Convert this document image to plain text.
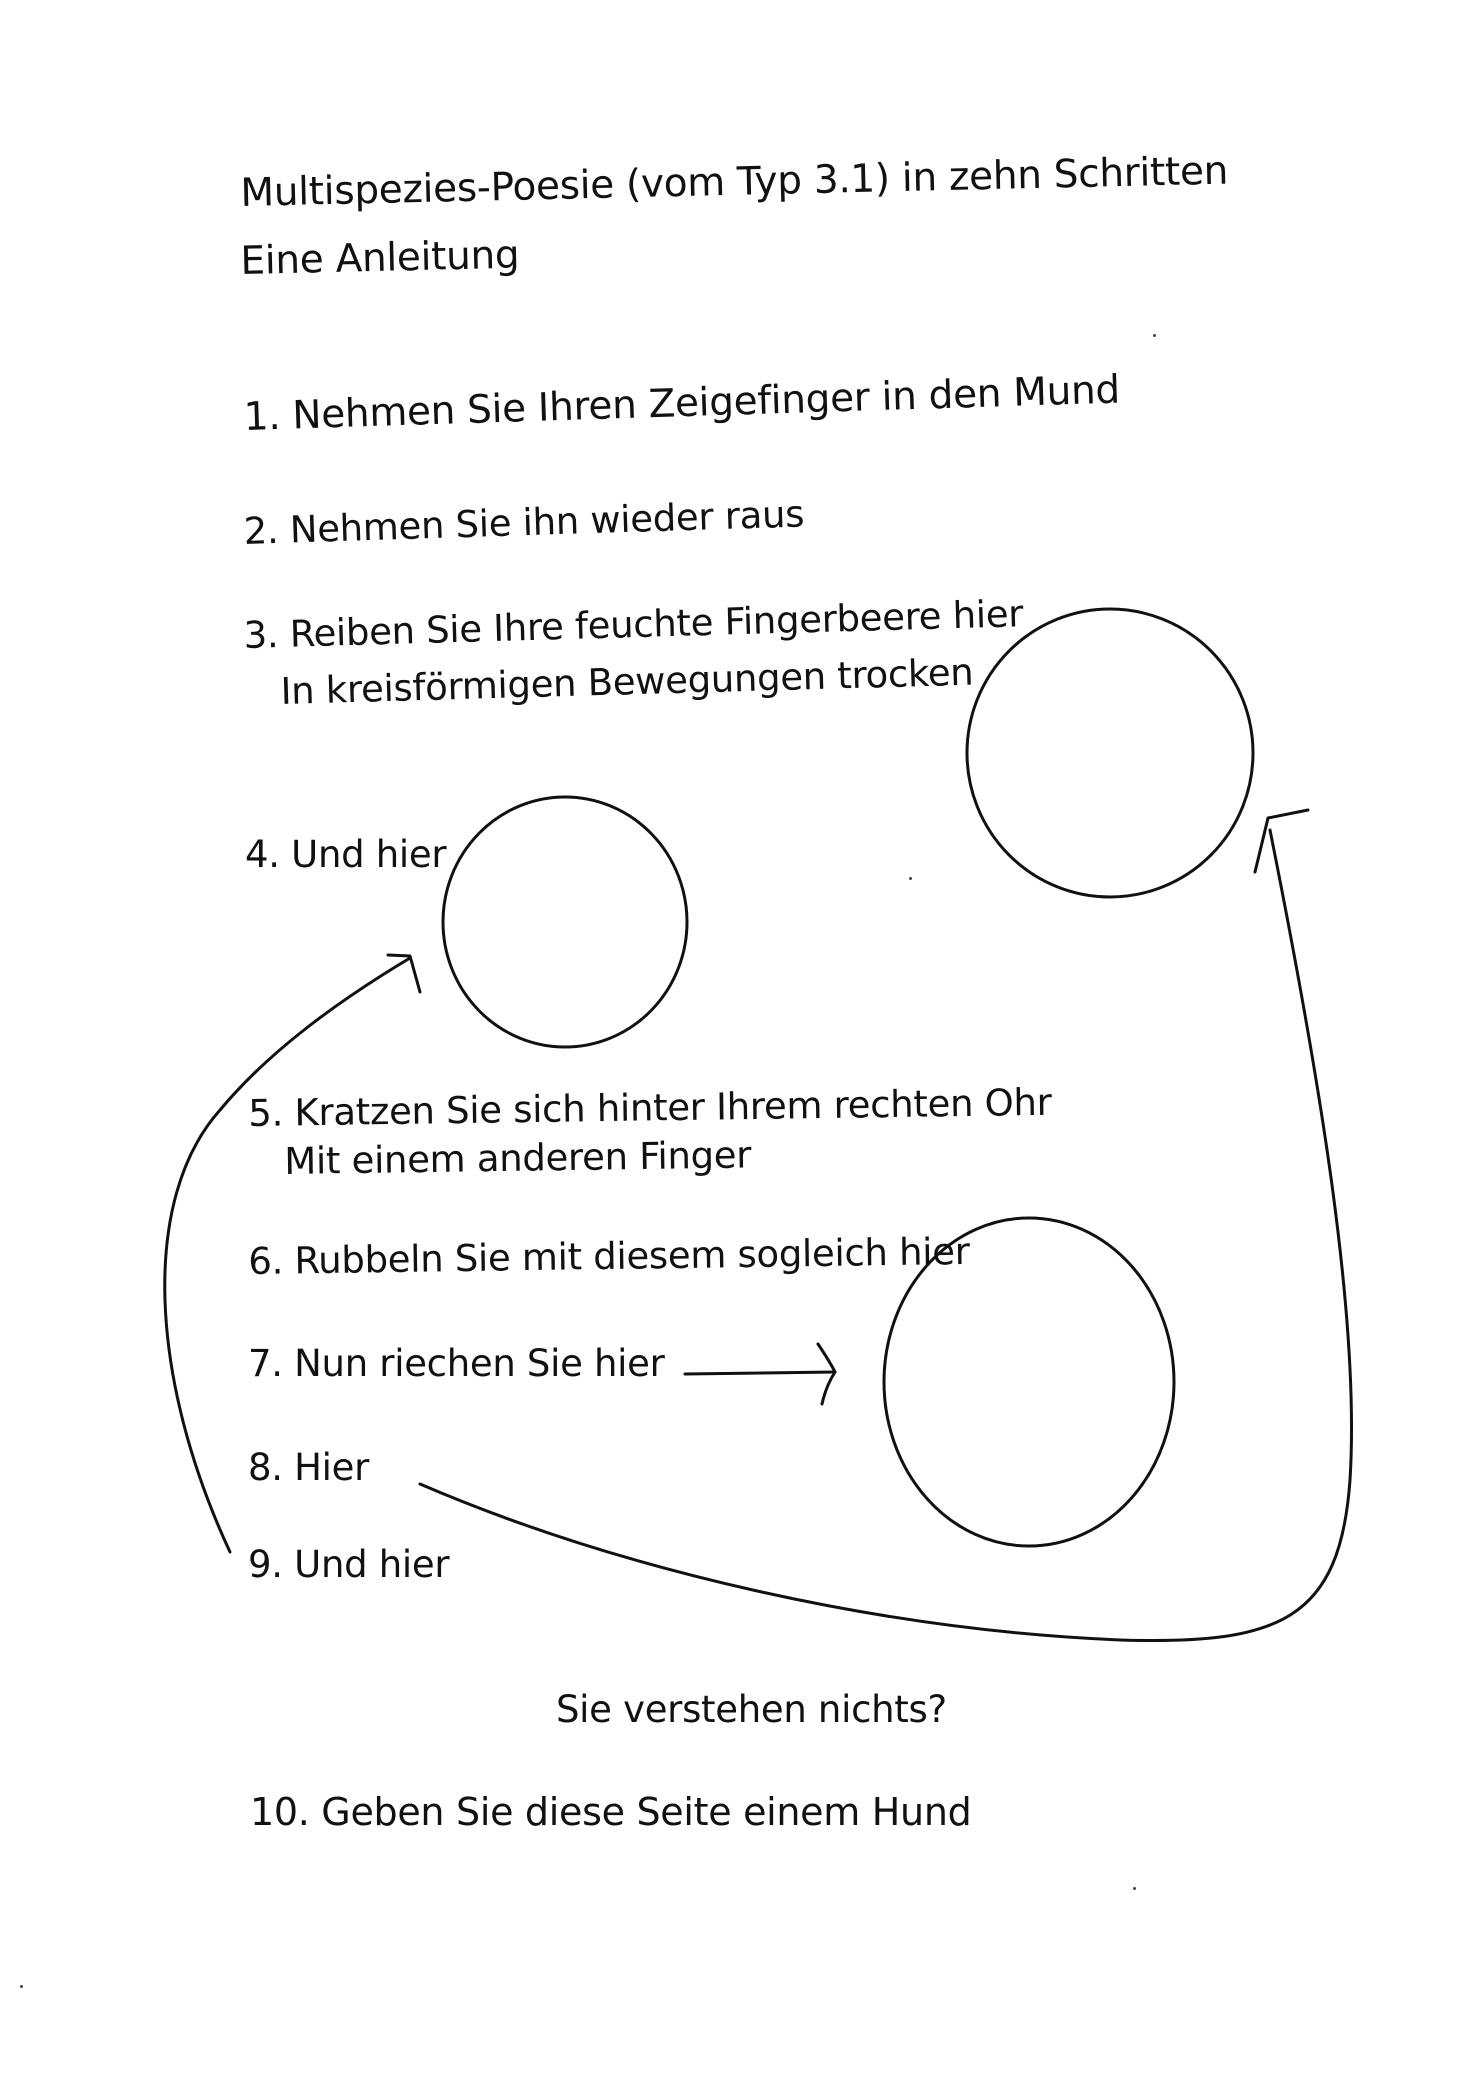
Multispezies-Poesie (vom Typ 3.1) in zehn Schritten
Eine Anleitung
1. Nehmen Sie Ihren Zeigefinger in den Mund
2. Nehmen Sie ihn wieder raus
3. Reiben Sie Ihre feuchte Fingerbeere hier
In kreisförmigen Bewegungen trocken
4. Und hier
5. Kratzen Sie sich hinter Ihrem rechten Ohr
Mit einem anderen Finger
6. Rubbeln Sie mit diesem sogleich hier
7. Nun riechen Sie hier
8. Hier
9. Und hier
Sie verstehen nichts?
10. Geben Sie diese Seite einem Hund
